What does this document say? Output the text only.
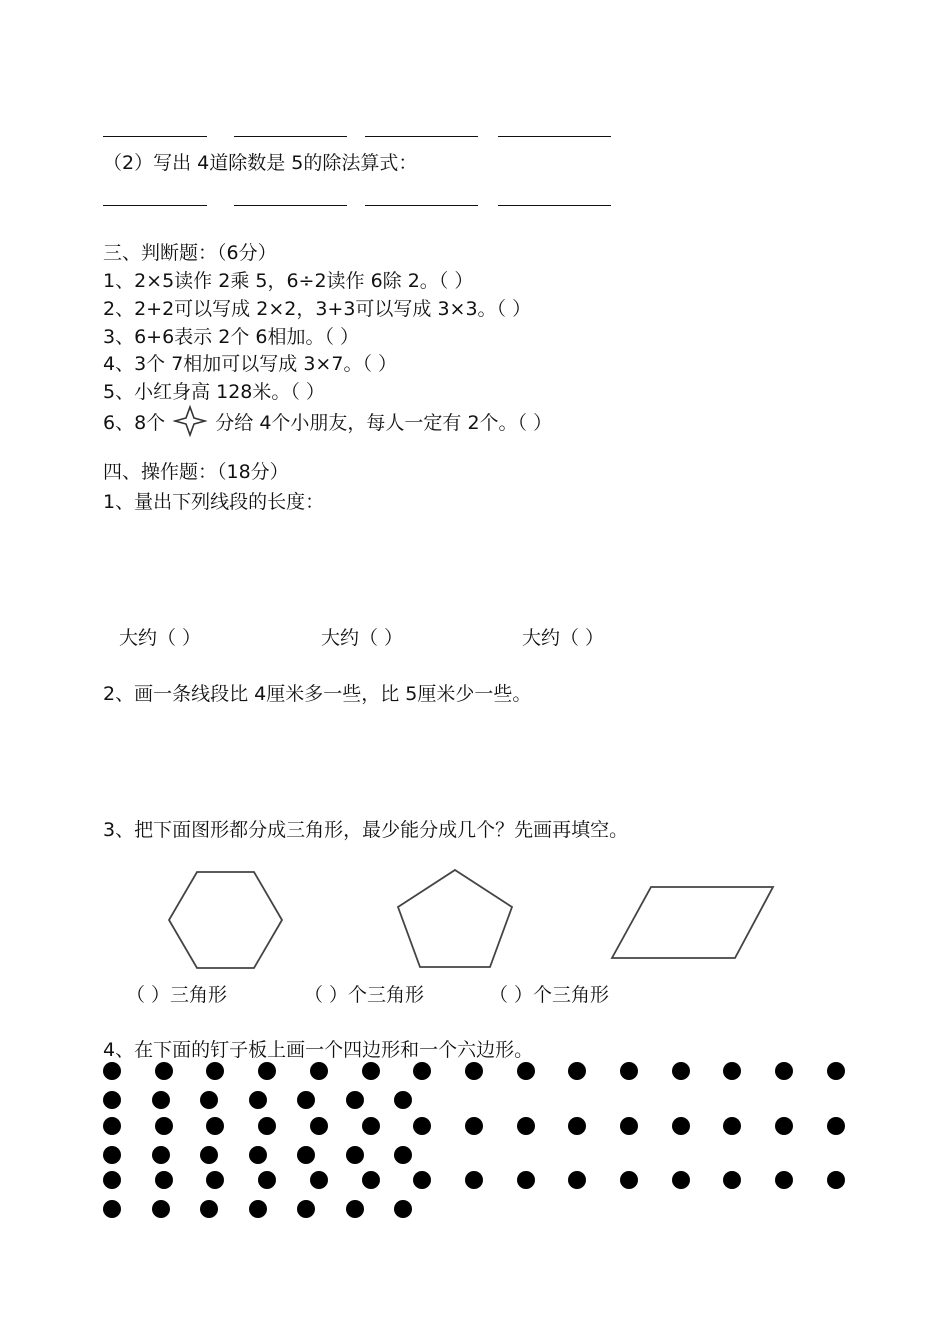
（2）写出 4道除数是 5的除法算式：
三、判断题：（6分）
1、2×5读作 2乘 5，6÷2读作 6除 2。（ ）
2、2+2可以写成 2×2，3+3可以写成 3×3。（ ）
3、6+6表示 2个 6相加。（ ）
4、3个 7相加可以写成 3×7。（ ）
5、小红身高 128米。（ ）
6、8个	分给 4个小朋友，每人一定有 2个。（ ）
四、操作题：（18分）
1、量出下列线段的长度：
大约（ ）	大约（ ）	大约（ ）
2、画一条线段比 4厘米多一些，比 5厘米少一些。
3、把下面图形都分成三角形，最少能分成几个？先画再填空。
（ ）三角形	（ ）个三角形	（ ）个三角形
4、在下面的钉子板上画一个四边形和一个六边形。
